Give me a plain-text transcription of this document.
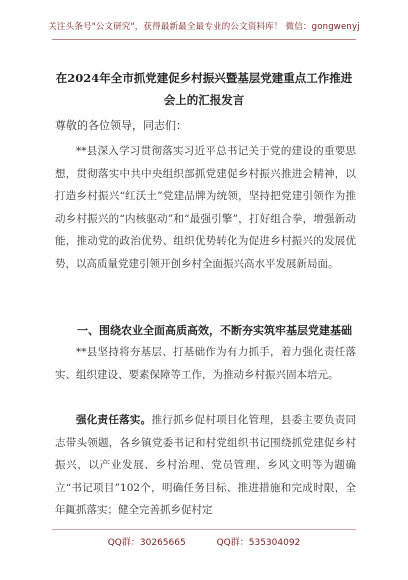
关注头条号"公文研究"，获得最新最全最专业的公文资料库！ 微信：gongwenyj
在2024年全市抓党建促乡村振兴暨基层党建重点工作推进
会上的汇报发言
尊敬的各位领导，同志们：

**县深入学习贯彻落实习近平总书记关于党的建设的重要思想，贯彻落实中共中央组织部抓党建促乡村振兴推进会精神，以打造乡村振兴“红沃土”党建品牌为统领，坚持把党建引领作为推动乡村振兴的“内核驱动”和“最强引擎”，打好组合拳，增强新动能，推动党的政治优势、组织优势转化为促进乡村振兴的发展优势，以高质量党建引领开创乡村全面振兴高水平发展新局面。

一、围绕农业全面高质高效，不断夯实筑牢基层党建基础

**县坚持将夯基层、打基础作为有力抓手，着力强化责任落实、组织建设、要素保障等工作，为推动乡村振兴固本培元。

强化责任落实。推行抓乡促村项目化管理，县委主要负责同志带头领题，各乡镇党委书记和村党组织书记围绕抓党建促乡村振兴，以产业发展、乡村治理、党员管理、乡风文明等为题确立“书记项目”102个，明确任务目标、推进措施和完成时限，全年銸抓落实；健全完善抓乡促村定

QQ群：30265665	QQ群：535304092
